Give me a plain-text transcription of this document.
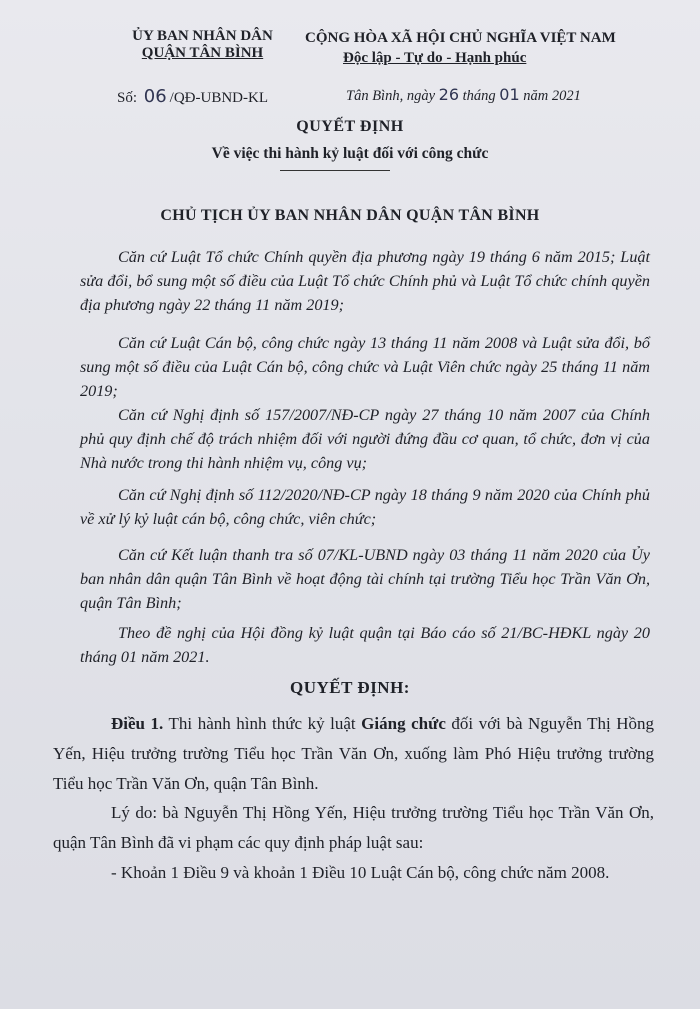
ỦY BAN NHÂN DÂN
QUẬN TÂN BÌNH
CỘNG HÒA XÃ HỘI CHỦ NGHĨA VIỆT NAM
Độc lập - Tự do - Hạnh phúc
Số: 06 /QĐ-UBND-KL	Tân Bình, ngày 26 tháng 01 năm 2021
QUYẾT ĐỊNH
Về việc thi hành kỷ luật đối với công chức
CHỦ TỊCH ỦY BAN NHÂN DÂN QUẬN TÂN BÌNH
Căn cứ Luật Tổ chức Chính quyền địa phương ngày 19 tháng 6 năm 2015; Luật sửa đổi, bổ sung một số điều của Luật Tổ chức Chính phủ và Luật Tổ chức chính quyền địa phương ngày 22 tháng 11 năm 2019;
Căn cứ Luật Cán bộ, công chức ngày 13 tháng 11 năm 2008 và Luật sửa đổi, bổ sung một số điều của Luật Cán bộ, công chức và Luật Viên chức ngày 25 tháng 11 năm 2019;
Căn cứ Nghị định số 157/2007/NĐ-CP ngày 27 tháng 10 năm 2007 của Chính phủ quy định chế độ trách nhiệm đối với người đứng đầu cơ quan, tổ chức, đơn vị của Nhà nước trong thi hành nhiệm vụ, công vụ;
Căn cứ Nghị định số 112/2020/NĐ-CP ngày 18 tháng 9 năm 2020 của Chính phủ về xử lý kỷ luật cán bộ, công chức, viên chức;
Căn cứ Kết luận thanh tra số 07/KL-UBND ngày 03 tháng 11 năm 2020 của Ủy ban nhân dân quận Tân Bình về hoạt động tài chính tại trường Tiểu học Trần Văn Ơn, quận Tân Bình;
Theo đề nghị của Hội đồng kỷ luật quận tại Báo cáo số 21/BC-HĐKL ngày 20 tháng 01 năm 2021.
QUYẾT ĐỊNH:
Điều 1. Thi hành hình thức kỷ luật Giáng chức đối với bà Nguyễn Thị Hồng Yến, Hiệu trưởng trường Tiểu học Trần Văn Ơn, xuống làm Phó Hiệu trưởng trường Tiểu học Trần Văn Ơn, quận Tân Bình.
Lý do: bà Nguyễn Thị Hồng Yến, Hiệu trưởng trường Tiểu học Trần Văn Ơn, quận Tân Bình đã vi phạm các quy định pháp luật sau:
- Khoản 1 Điều 9 và khoản 1 Điều 10 Luật Cán bộ, công chức năm 2008.
